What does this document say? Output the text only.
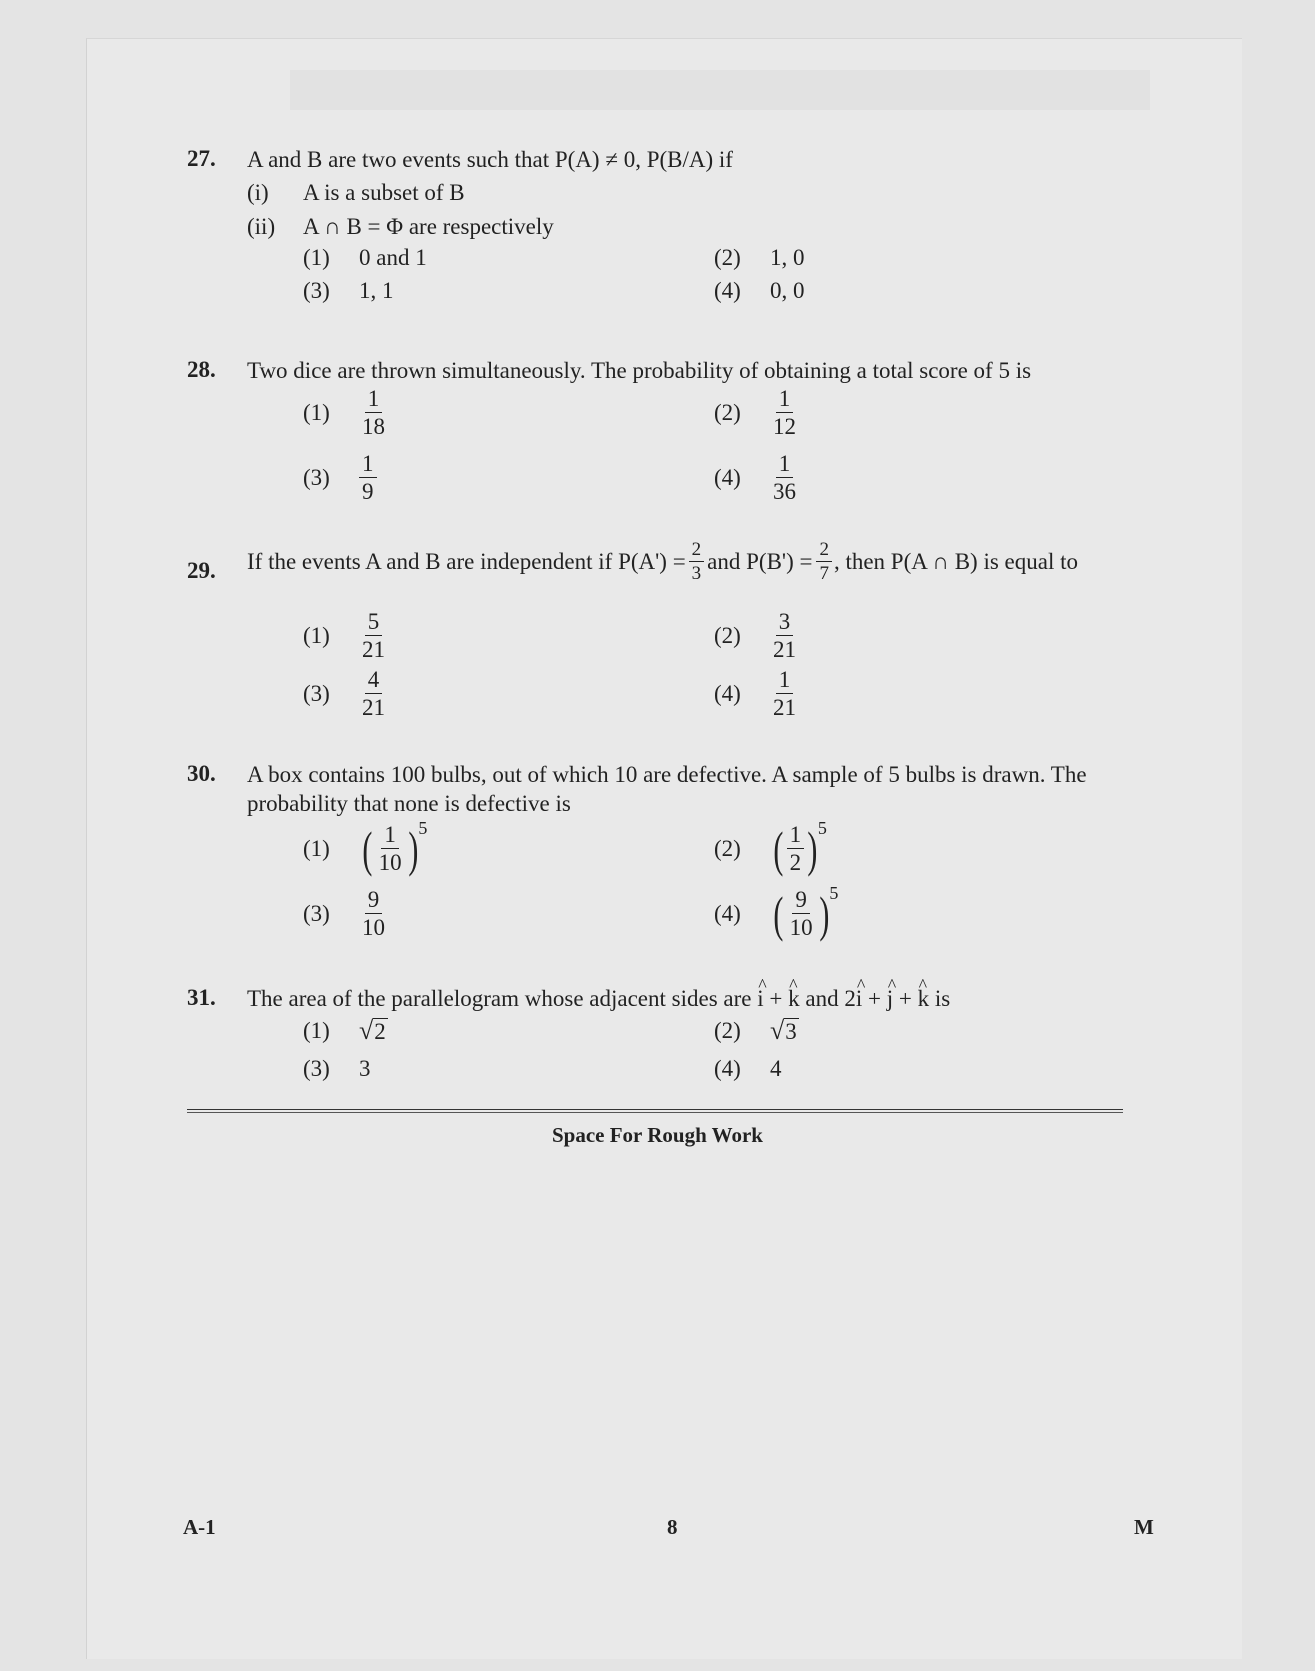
27. A and B are two events such that P(A) ≠ 0, P(B/A) if
(i) A is a subset of B
(ii) A ∩ B = Φ are respectively
(1)	0 and 1	(2)	1, 0
(3)	1, 1	(4)	0, 0
28. Two dice are thrown simultaneously. The probability of obtaining a total score of 5 is
(1)	$\frac{1}{18}$	(2)	$\frac{1}{12}$
(3)	$\frac{1}{9}$	(4)	$\frac{1}{36}$
29. If the events A and B are independent if $P(A') = \frac{2}{3}$ and $P(B') = \frac{2}{7}$ , then P(A ∩ B) is equal to
(1)	$\frac{5}{21}$	(2)	$\frac{3}{21}$
(3)	$\frac{4}{21}$	(4)	$\frac{1}{21}$
30. A box contains 100 bulbs, out of which 10 are defective. A sample of 5 bulbs is drawn. The
probability that none is defective is
(1) ( $\frac{1}{10} )^5$
(2) ( $\frac{1}{2} )^5$
(3)	$\frac{9}{10}$	(4) ( $\frac{9}{10} )^5$
31. The area of the parallelogram whose adjacent sides are ^ i + ^ k and 2^ i + ^ j + ^ k is
(1)	√ 2	(2)	√ 3
(3)	3	(4)	4
Space For Rough Work
A-1	8	M
